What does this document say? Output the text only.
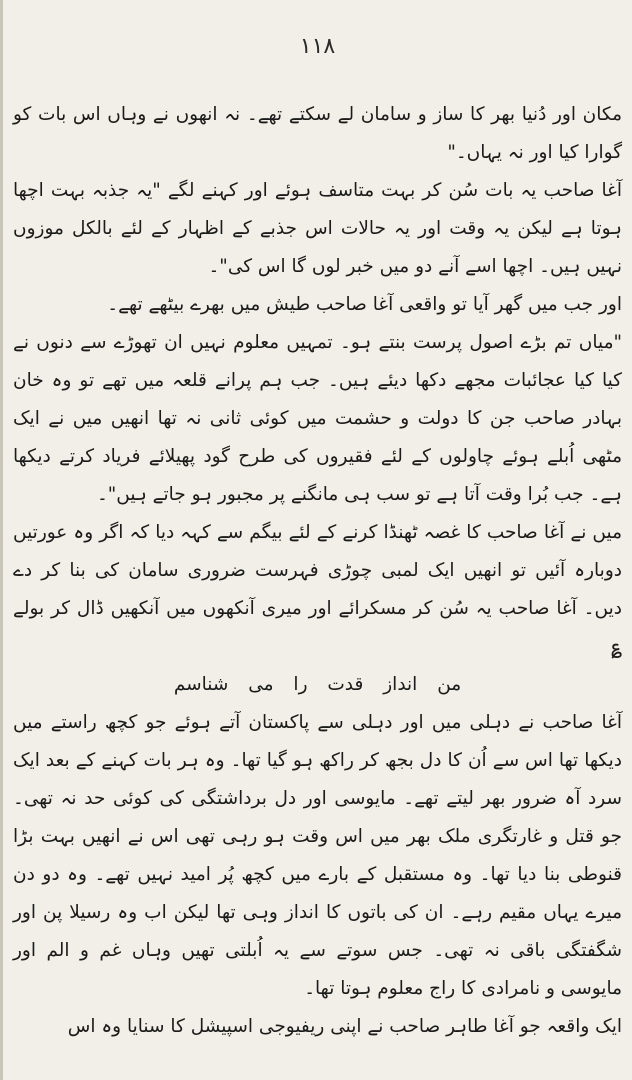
۱۱۸

مکان اور دُنیا بھر کا ساز و سامان لے سکتے تھے۔ نہ انھوں نے وہاں اس بات کو گوارا کیا اور نہ یہاں۔"

آغا صاحب یہ بات سُن کر بہت متاسف ہوئے اور کہنے لگے "یہ جذبہ بہت اچھا ہوتا ہے لیکن یہ وقت اور یہ حالات اس جذبے کے اظہار کے لئے بالکل موزوں نہیں ہیں۔ اچھا اسے آنے دو میں خبر لوں گا اس کی"۔

اور جب میں گھر آیا تو واقعی آغا صاحب طیش میں بھرے بیٹھے تھے۔

"میاں تم بڑے اصول پرست بنتے ہو۔ تمہیں معلوم نہیں ان تھوڑے سے دنوں نے کیا کیا عجائبات مجھے دکھا دیئے ہیں۔ جب ہم پرانے قلعہ میں تھے تو وہ خان بہادر صاحب جن کا دولت و حشمت میں کوئی ثانی نہ تھا انھیں میں نے ایک مٹھی اُبلے ہوئے چاولوں کے لئے فقیروں کی طرح گود پھیلائے فریاد کرتے دیکھا ہے۔ جب بُرا وقت آتا ہے تو سب ہی مانگنے پر مجبور ہو جاتے ہیں"۔

میں نے آغا صاحب کا غصہ ٹھنڈا کرنے کے لئے بیگم سے کہہ دیا کہ اگر وہ عورتیں دوبارہ آئیں تو انھیں ایک لمبی چوڑی فہرست ضروری سامان کی بنا کر دے دیں۔ آغا صاحب یہ سُن کر مسکرائے اور میری آنکھوں میں آنکھیں ڈال کر بولے ؏

من انداز قدت را می شناسم

آغا صاحب نے دہلی میں اور دہلی سے پاکستان آتے ہوئے جو کچھ راستے میں دیکھا تھا اس سے اُن کا دل بجھ کر راکھ ہو گیا تھا۔ وہ ہر بات کہنے کے بعد ایک سرد آہ ضرور بھر لیتے تھے۔ مایوسی اور دل برداشتگی کی کوئی حد نہ تھی۔ جو قتل و غارتگری ملک بھر میں اس وقت ہو رہی تھی اس نے انھیں بہت بڑا قنوطی بنا دیا تھا۔ وہ مستقبل کے بارے میں کچھ پُر امید نہیں تھے۔ وہ دو دن میرے یہاں مقیم رہے۔ ان کی باتوں کا انداز وہی تھا لیکن اب وہ رسیلا پن اور شگفتگی باقی نہ تھی۔ جس سوتے سے یہ اُبلتی تھیں وہاں غم و الم اور مایوسی و نامرادی کا راج معلوم ہوتا تھا۔

ایک واقعہ جو آغا طاہر صاحب نے اپنی ریفیوجی اسپیشل کا سنایا وہ اس
